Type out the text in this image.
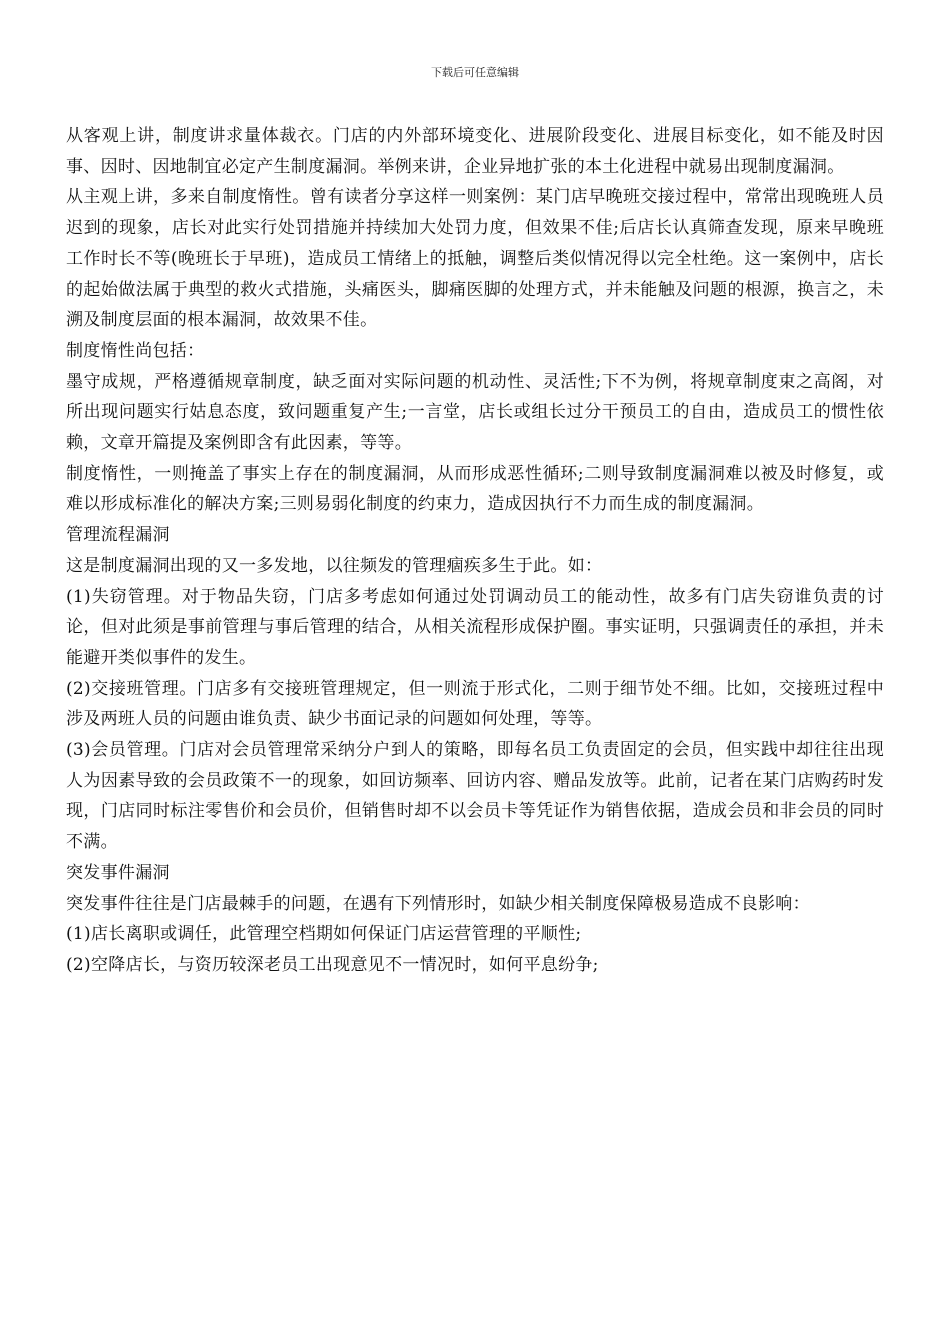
下载后可任意编辑

从客观上讲，制度讲求量体裁衣。门店的内外部环境变化、进展阶段变化、进展目标变化，如不能及时因事、因时、因地制宜必定产生制度漏洞。举例来讲，企业异地扩张的本土化进程中就易出现制度漏洞。

从主观上讲，多来自制度惰性。曾有读者分享这样一则案例：某门店早晚班交接过程中，常常出现晚班人员迟到的现象，店长对此实行处罚措施并持续加大处罚力度，但效果不佳;后店长认真筛查发现，原来早晚班工作时长不等(晚班长于早班)，造成员工情绪上的抵触，调整后类似情况得以完全杜绝。这一案例中，店长的起始做法属于典型的救火式措施，头痛医头，脚痛医脚的处理方式，并未能触及问题的根源，换言之，未溯及制度层面的根本漏洞，故效果不佳。

制度惰性尚包括：

墨守成规，严格遵循规章制度，缺乏面对实际问题的机动性、灵活性;下不为例，将规章制度束之高阁，对所出现问题实行姑息态度，致问题重复产生;一言堂，店长或组长过分干预员工的自由，造成员工的惯性依赖，文章开篇提及案例即含有此因素，等等。

制度惰性，一则掩盖了事实上存在的制度漏洞，从而形成恶性循环;二则导致制度漏洞难以被及时修复，或难以形成标准化的解决方案;三则易弱化制度的约束力，造成因执行不力而生成的制度漏洞。

管理流程漏洞

这是制度漏洞出现的又一多发地，以往频发的管理痼疾多生于此。如：

(1)失窃管理。对于物品失窃，门店多考虑如何通过处罚调动员工的能动性，故多有门店失窃谁负责的讨论，但对此须是事前管理与事后管理的结合，从相关流程形成保护圈。事实证明，只强调责任的承担，并未能避开类似事件的发生。

(2)交接班管理。门店多有交接班管理规定，但一则流于形式化，二则于细节处不细。比如，交接班过程中涉及两班人员的问题由谁负责、缺少书面记录的问题如何处理，等等。

(3)会员管理。门店对会员管理常采纳分户到人的策略，即每名员工负责固定的会员，但实践中却往往出现人为因素导致的会员政策不一的现象，如回访频率、回访内容、赠品发放等。此前，记者在某门店购药时发现，门店同时标注零售价和会员价，但销售时却不以会员卡等凭证作为销售依据，造成会员和非会员的同时不满。

突发事件漏洞

突发事件往往是门店最棘手的问题，在遇有下列情形时，如缺少相关制度保障极易造成不良影响：

(1)店长离职或调任，此管理空档期如何保证门店运营管理的平顺性;

(2)空降店长，与资历较深老员工出现意见不一情况时，如何平息纷争;
